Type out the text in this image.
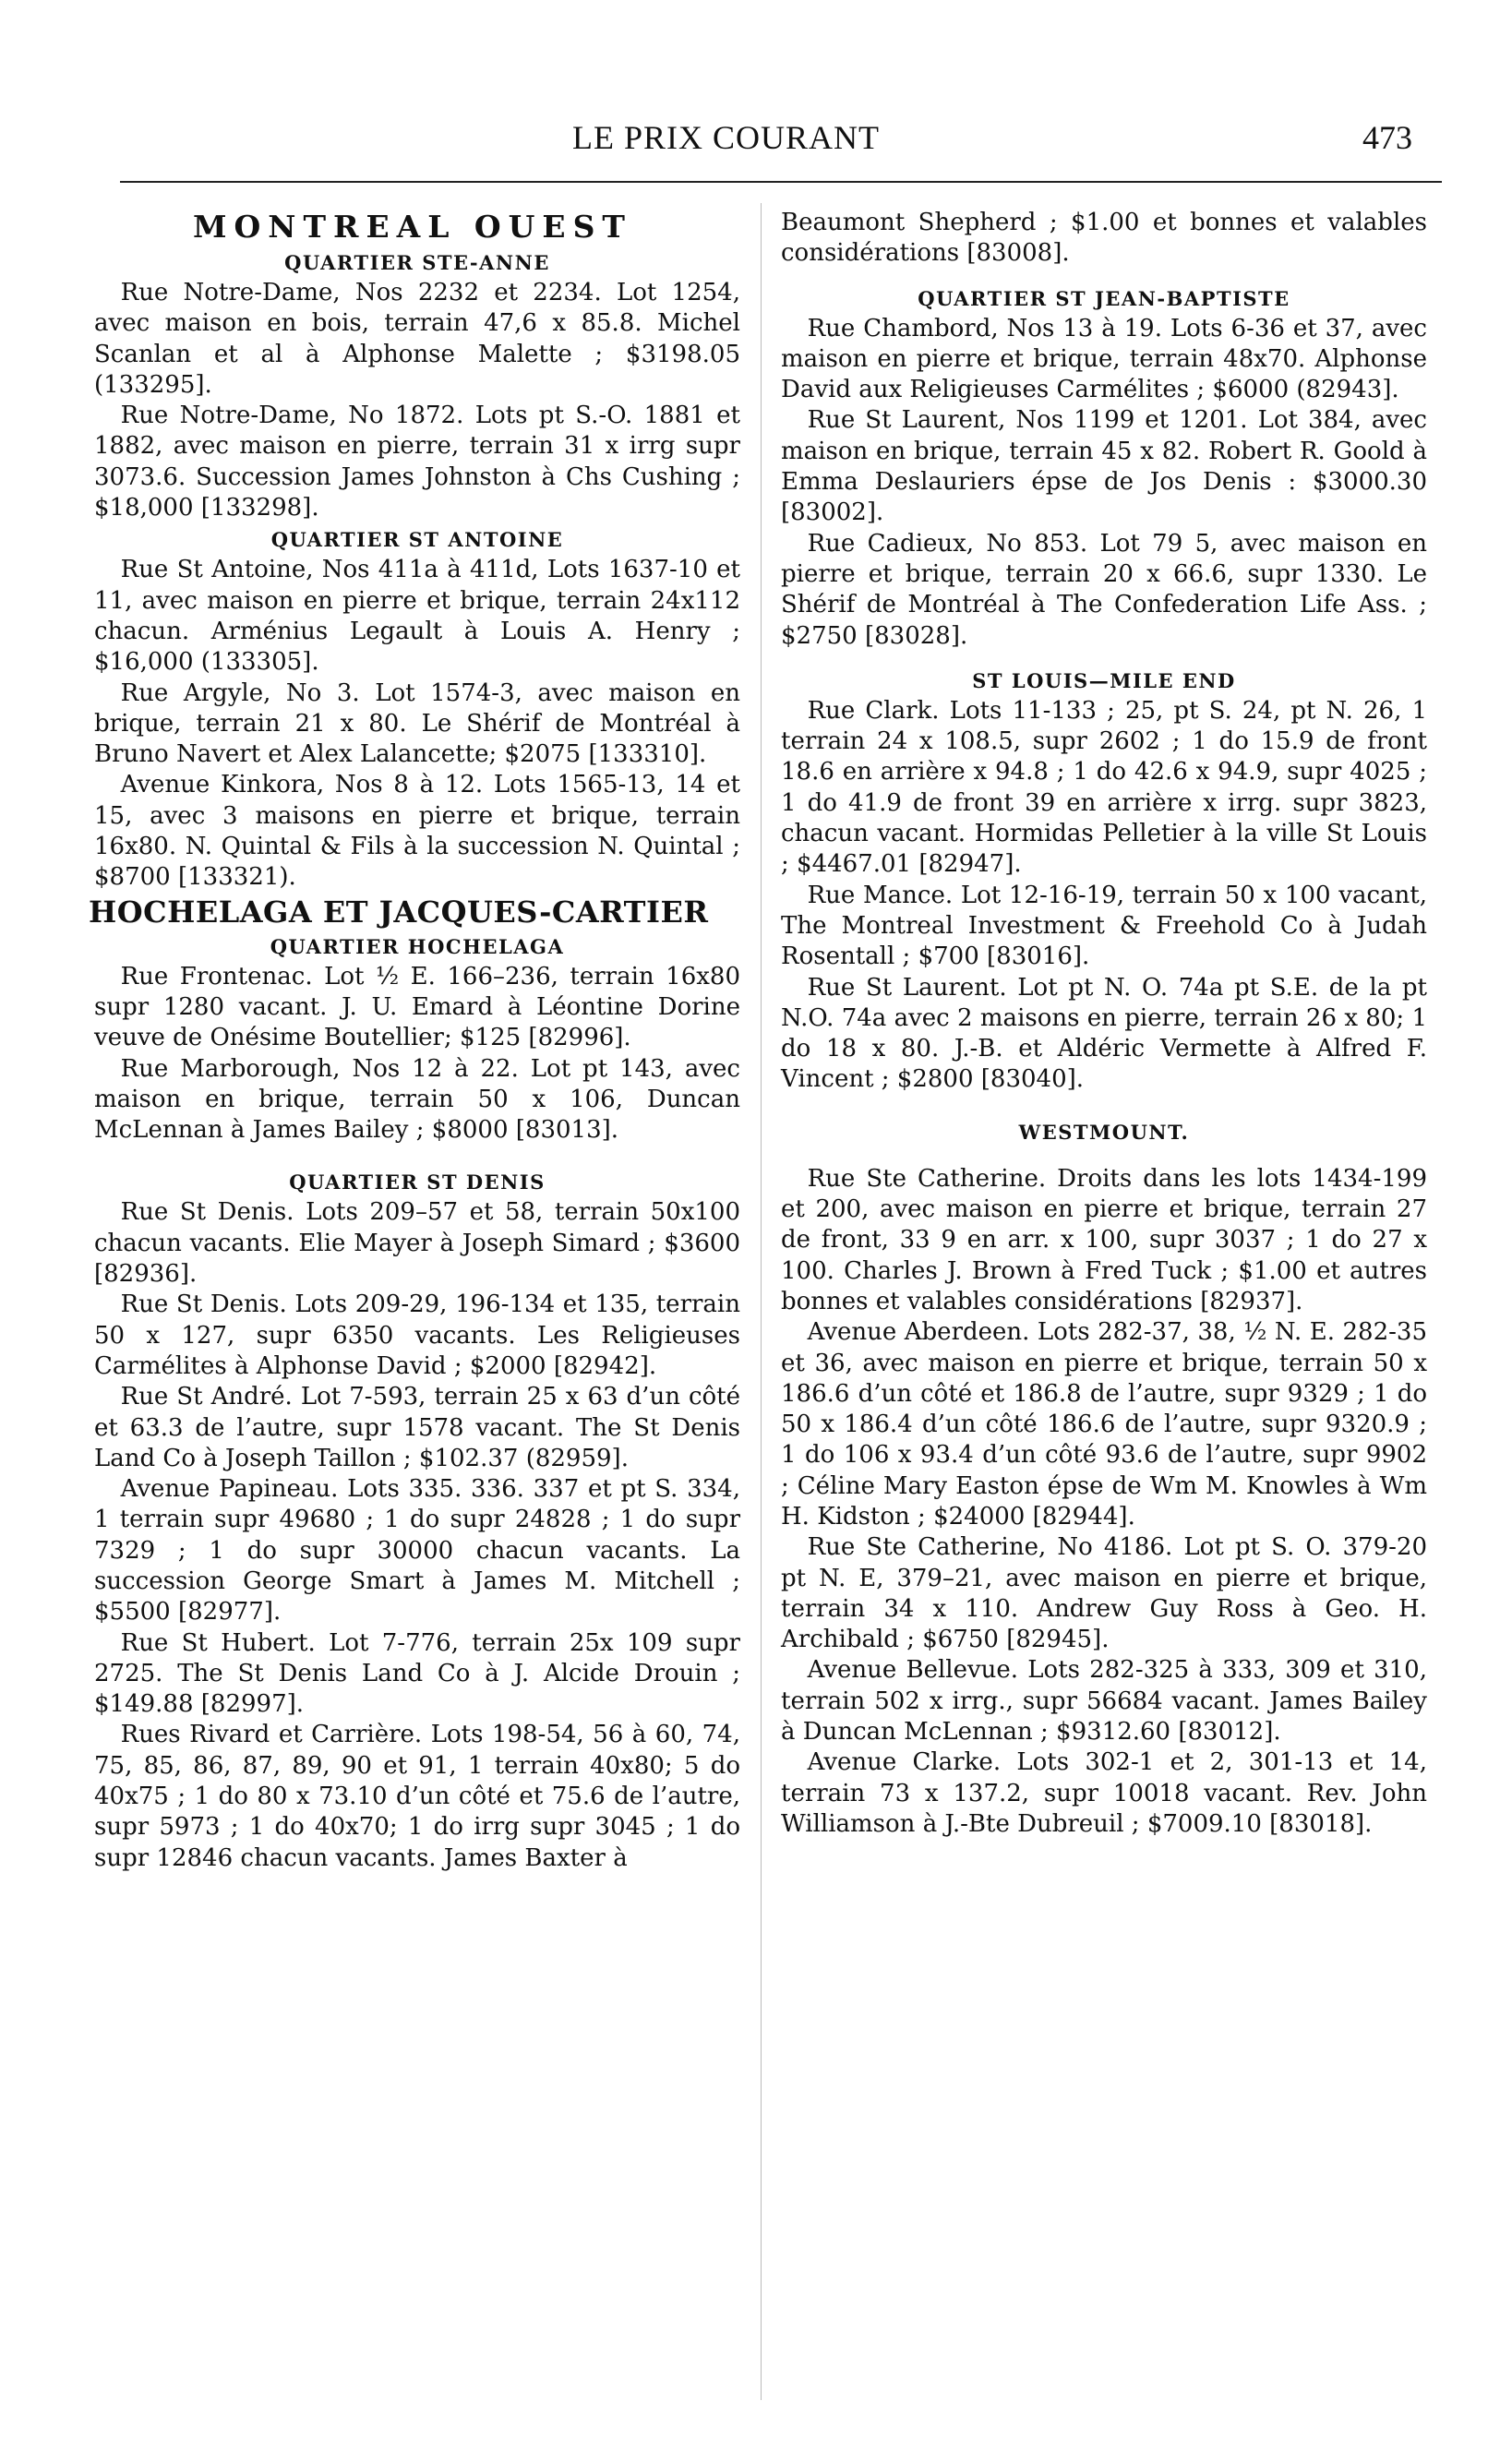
LE PRIX COURANT	473

MONTREAL OUEST

QUARTIER STE-ANNE

Rue Notre-Dame, Nos 2232 et 2234. Lot 1254, avec maison en bois, terrain 47,6 x 85.8. Michel Scanlan et al à Alphonse Malette ; $3198.05 (133295].

Rue Notre-Dame, No 1872. Lots pt S.-O. 1881 et 1882, avec maison en pierre, terrain 31 x irrg supr 3073.6. Succession James Johnston à Chs Cushing ; $18,000 [133298].

QUARTIER ST ANTOINE

Rue St Antoine, Nos 411a à 411d, Lots 1637-10 et 11, avec maison en pierre et brique, terrain 24x112 chacun. Arménius Legault à Louis A. Henry ; $16,000 (133305].

Rue Argyle, No 3. Lot 1574-3, avec maison en brique, terrain 21 x 80. Le Shérif de Montréal à Bruno Navert et Alex Lalancette; $2075 [133310].

Avenue Kinkora, Nos 8 à 12. Lots 1565-13, 14 et 15, avec 3 maisons en pierre et brique, terrain 16x80. N. Quintal & Fils à la succession N. Quintal ; $8700 [133321).

HOCHELAGA ET JACQUES-CARTIER

QUARTIER HOCHELAGA

Rue Frontenac. Lot ½ E. 166–236, terrain 16x80 supr 1280 vacant. J. U. Emard à Léontine Dorine veuve de Onésime Boutellier; $125 [82996].

Rue Marborough, Nos 12 à 22. Lot pt 143, avec maison en brique, terrain 50 x 106, Duncan McLennan à James Bailey ; $8000 [83013].

QUARTIER ST DENIS

Rue St Denis. Lots 209–57 et 58, terrain 50x100 chacun vacants. Elie Mayer à Joseph Simard ; $3600 [82936].

Rue St Denis. Lots 209-29, 196-134 et 135, terrain 50 x 127, supr 6350 vacants. Les Religieuses Carmélites à Alphonse David ; $2000 [82942].

Rue St André. Lot 7-593, terrain 25 x 63 d’un côté et 63.3 de l’autre, supr 1578 vacant. The St Denis Land Co à Joseph Taillon ; $102.37 (82959].

Avenue Papineau. Lots 335. 336. 337 et pt S. 334, 1 terrain supr 49680 ; 1 do supr 24828 ; 1 do supr 7329 ; 1 do supr 30000 chacun vacants. La succession George Smart à James M. Mitchell ; $5500 [82977].

Rue St Hubert. Lot 7-776, terrain 25x 109 supr 2725. The St Denis Land Co à J. Alcide Drouin ; $149.88 [82997].

Rues Rivard et Carrière. Lots 198-54, 56 à 60, 74, 75, 85, 86, 87, 89, 90 et 91, 1 terrain 40x80; 5 do 40x75 ; 1 do 80 x 73.10 d’un côté et 75.6 de l’autre, supr 5973 ; 1 do 40x70; 1 do irrg supr 3045 ; 1 do supr 12846 chacun vacants. James Baxter à

Beaumont Shepherd ; $1.00 et bonnes et valables considérations [83008].

QUARTIER ST JEAN-BAPTISTE

Rue Chambord, Nos 13 à 19. Lots 6-36 et 37, avec maison en pierre et brique, terrain 48x70. Alphonse David aux Religieuses Carmélites ; $6000 (82943].

Rue St Laurent, Nos 1199 et 1201. Lot 384, avec maison en brique, terrain 45 x 82. Robert R. Goold à Emma Deslauriers épse de Jos Denis : $3000.30 [83002].

Rue Cadieux, No 853. Lot 79 5, avec maison en pierre et brique, terrain 20 x 66.6, supr 1330. Le Shérif de Montréal à The Confederation Life Ass. ; $2750 [83028].

ST LOUIS—MILE END

Rue Clark. Lots 11-133 ; 25, pt S. 24, pt N. 26, 1 terrain 24 x 108.5, supr 2602 ; 1 do 15.9 de front 18.6 en arrière x 94.8 ; 1 do 42.6 x 94.9, supr 4025 ; 1 do 41.9 de front 39 en arrière x irrg. supr 3823, chacun vacant. Hormidas Pelletier à la ville St Louis ; $4467.01 [82947].

Rue Mance. Lot 12-16-19, terrain 50 x 100 vacant, The Montreal Investment & Freehold Co à Judah Rosentall ; $700 [83016].

Rue St Laurent. Lot pt N. O. 74a pt S.E. de la pt N.O. 74a avec 2 maisons en pierre, terrain 26 x 80; 1 do 18 x 80. J.-B. et Aldéric Vermette à Alfred F. Vincent ; $2800 [83040].

WESTMOUNT.

Rue Ste Catherine. Droits dans les lots 1434-199 et 200, avec maison en pierre et brique, terrain 27 de front, 33 9 en arr. x 100, supr 3037 ; 1 do 27 x 100. Charles J. Brown à Fred Tuck ; $1.00 et autres bonnes et valables considérations [82937].

Avenue Aberdeen. Lots 282-37, 38, ½ N. E. 282-35 et 36, avec maison en pierre et brique, terrain 50 x 186.6 d’un côté et 186.8 de l’autre, supr 9329 ; 1 do 50 x 186.4 d’un côté 186.6 de l’autre, supr 9320.9 ; 1 do 106 x 93.4 d’un côté 93.6 de l’autre, supr 9902 ; Céline Mary Easton épse de Wm M. Knowles à Wm H. Kidston ; $24000 [82944].

Rue Ste Catherine, No 4186. Lot pt S. O. 379-20 pt N. E, 379–21, avec maison en pierre et brique, terrain 34 x 110. Andrew Guy Ross à Geo. H. Archibald ; $6750 [82945].

Avenue Bellevue. Lots 282-325 à 333, 309 et 310, terrain 502 x irrg., supr 56684 vacant. James Bailey à Duncan McLennan ; $9312.60 [83012].

Avenue Clarke. Lots 302-1 et 2, 301-13 et 14, terrain 73 x 137.2, supr 10018 vacant. Rev. John Williamson à J.-Bte Dubreuil ; $7009.10 [83018].
